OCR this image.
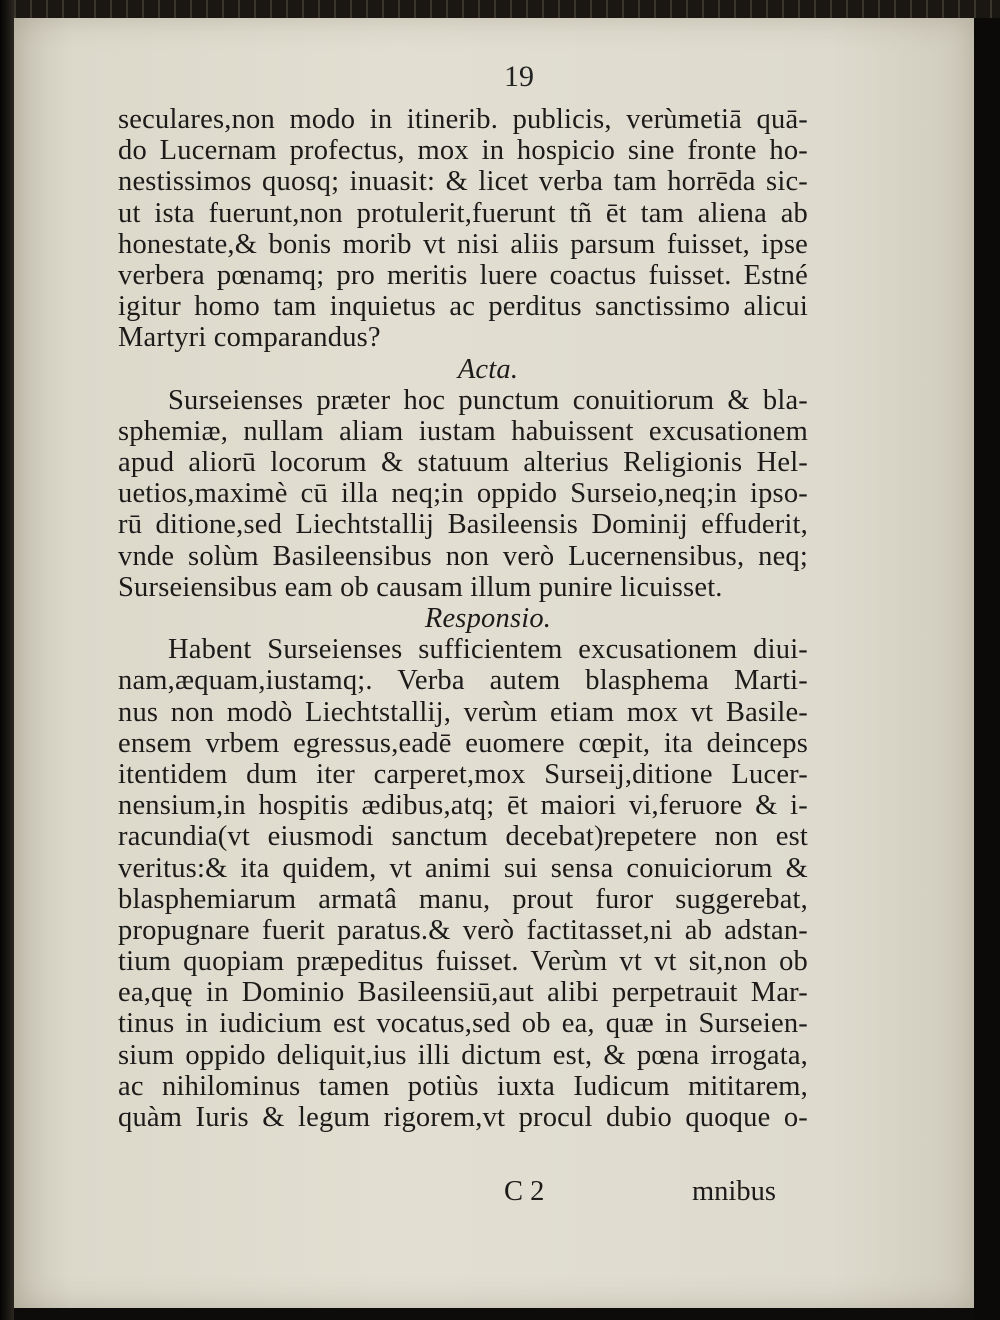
19
seculares,non modo in itinerib. publicis, verùmetiā quā-
do Lucernam profectus, mox in hospicio sine fronte ho-
nestissimos quosq; inuasit: & licet verba tam horrēda sic-
ut ista fuerunt,non protulerit,fuerunt tñ ēt tam aliena ab
honestate,& bonis morib vt nisi aliis parsum fuisset, ipse
verbera pœnamq; pro meritis luere coactus fuisset. Estné
igitur homo tam inquietus ac perditus sanctissimo alicui
Martyri comparandus?
Acta.
Surseienses præter hoc punctum conuitiorum & bla-
sphemiæ, nullam aliam iustam habuissent excusationem
apud aliorū locorum & statuum alterius Religionis Hel-
uetios,maximè cū illa neq;in oppido Surseio,neq;in ipso-
rū ditione,sed Liechtstallij Basileensis Dominij effuderit,
vnde solùm Basileensibus non verò Lucernensibus, neq;
Surseiensibus eam ob causam illum punire licuisset.
Responsio.
Habent Surseienses sufficientem excusationem diui-
nam,æquam,iustamq;. Verba autem blasphema Marti-
nus non modò Liechtstallij, verùm etiam mox vt Basile-
ensem vrbem egressus,eadē euomere cœpit, ita deinceps
itentidem dum iter carperet,mox Surseij,ditione Lucer-
nensium,in hospitis ædibus,atq; ēt maiori vi,feruore & i-
racundia(vt eiusmodi sanctum decebat)repetere non est
veritus:& ita quidem, vt animi sui sensa conuiciorum &
blasphemiarum armatâ manu, prout furor suggerebat,
propugnare fuerit paratus.& verò factitasset,ni ab adstan-
tium quopiam præpeditus fuisset. Verùm vt vt sit,non ob
ea,quę in Dominio Basileensiū,aut alibi perpetrauit Mar-
tinus in iudicium est vocatus,sed ob ea, quæ in Surseien-
sium oppido deliquit,ius illi dictum est, & pœna irrogata,
ac nihilominus tamen potiùs iuxta Iudicum mititarem,
quàm Iuris & legum rigorem,vt procul dubio quoque o-
C 2	mnibus
